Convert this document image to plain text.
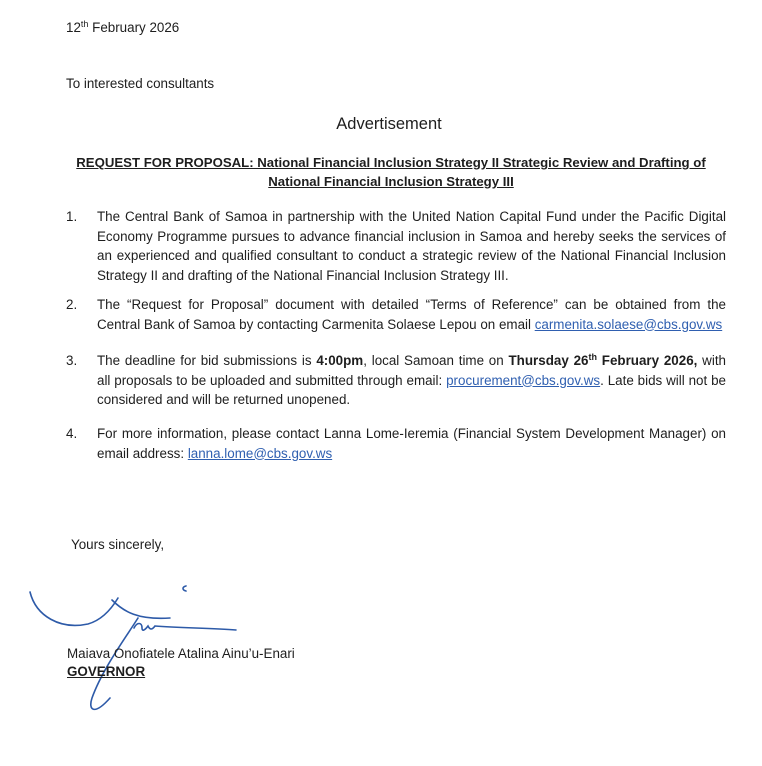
12th February 2026
To interested consultants
Advertisement
REQUEST FOR PROPOSAL: National Financial Inclusion Strategy II Strategic Review and Drafting of National Financial Inclusion Strategy III
1. The Central Bank of Samoa in partnership with the United Nation Capital Fund under the Pacific Digital Economy Programme pursues to advance financial inclusion in Samoa and hereby seeks the services of an experienced and qualified consultant to conduct a strategic review of the National Financial Inclusion Strategy II and drafting of the National Financial Inclusion Strategy III.
2. The “Request for Proposal” document with detailed “Terms of Reference” can be obtained from the Central Bank of Samoa by contacting Carmenita Solaese Lepou on email carmenita.solaese@cbs.gov.ws
3. The deadline for bid submissions is 4:00pm, local Samoan time on Thursday 26th February 2026, with all proposals to be uploaded and submitted through email: procurement@cbs.gov.ws. Late bids will not be considered and will be returned unopened.
4. For more information, please contact Lanna Lome-Ieremia (Financial System Development Manager) on email address: lanna.lome@cbs.gov.ws
Yours sincerely,
Maiava Onofiatele Atalina Ainu’u-Enari
GOVERNOR
